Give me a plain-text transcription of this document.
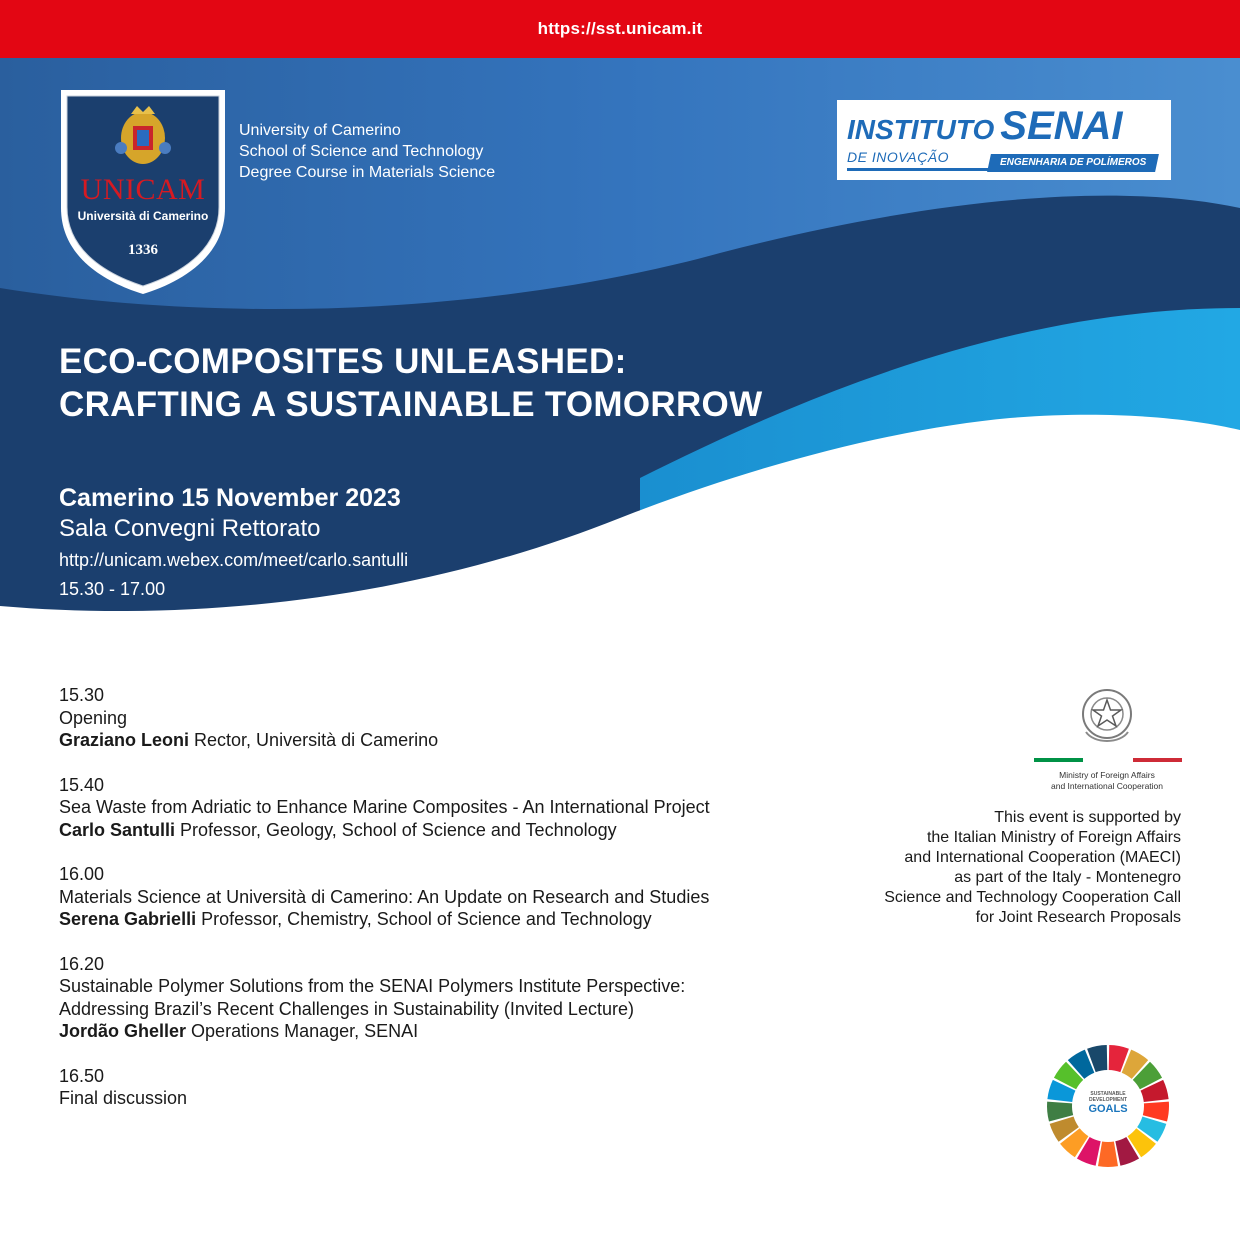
https://sst.unicam.it
UNICAM
Università di Camerino
1336
University of Camerino
School of Science and Technology
Degree Course in Materials Science
INSTITUTO SENAI
DE INOVAÇÃO	ENGENHARIA DE POLÍMEROS
ECO-COMPOSITES UNLEASHED:
CRAFTING A SUSTAINABLE TOMORROW
Camerino 15 November 2023
Sala Convegni Rettorato
http://unicam.webex.com/meet/carlo.santulli
15.30 - 17.00
15.30
Opening
Graziano Leoni Rector, Università di Camerino
15.40
Sea Waste from Adriatic to Enhance Marine Composites - An International Project
Carlo Santulli Professor, Geology, School of Science and Technology
16.00
Materials Science at Università di Camerino: An Update on Research and Studies
Serena Gabrielli Professor, Chemistry, School of Science and Technology
16.20
Sustainable Polymer Solutions from the SENAI Polymers Institute Perspective:
Addressing Brazil’s Recent Challenges in Sustainability (Invited Lecture)
Jordão Gheller Operations Manager, SENAI
16.50
Final discussion
Ministry of Foreign Affairs
and International Cooperation
This event is supported by
the Italian Ministry of Foreign Affairs
and International Cooperation (MAECI)
as part of the Italy - Montenegro
Science and Technology Cooperation Call
for Joint Research Proposals
SUSTAINABLE
DEVELOPMENT
GOALS
